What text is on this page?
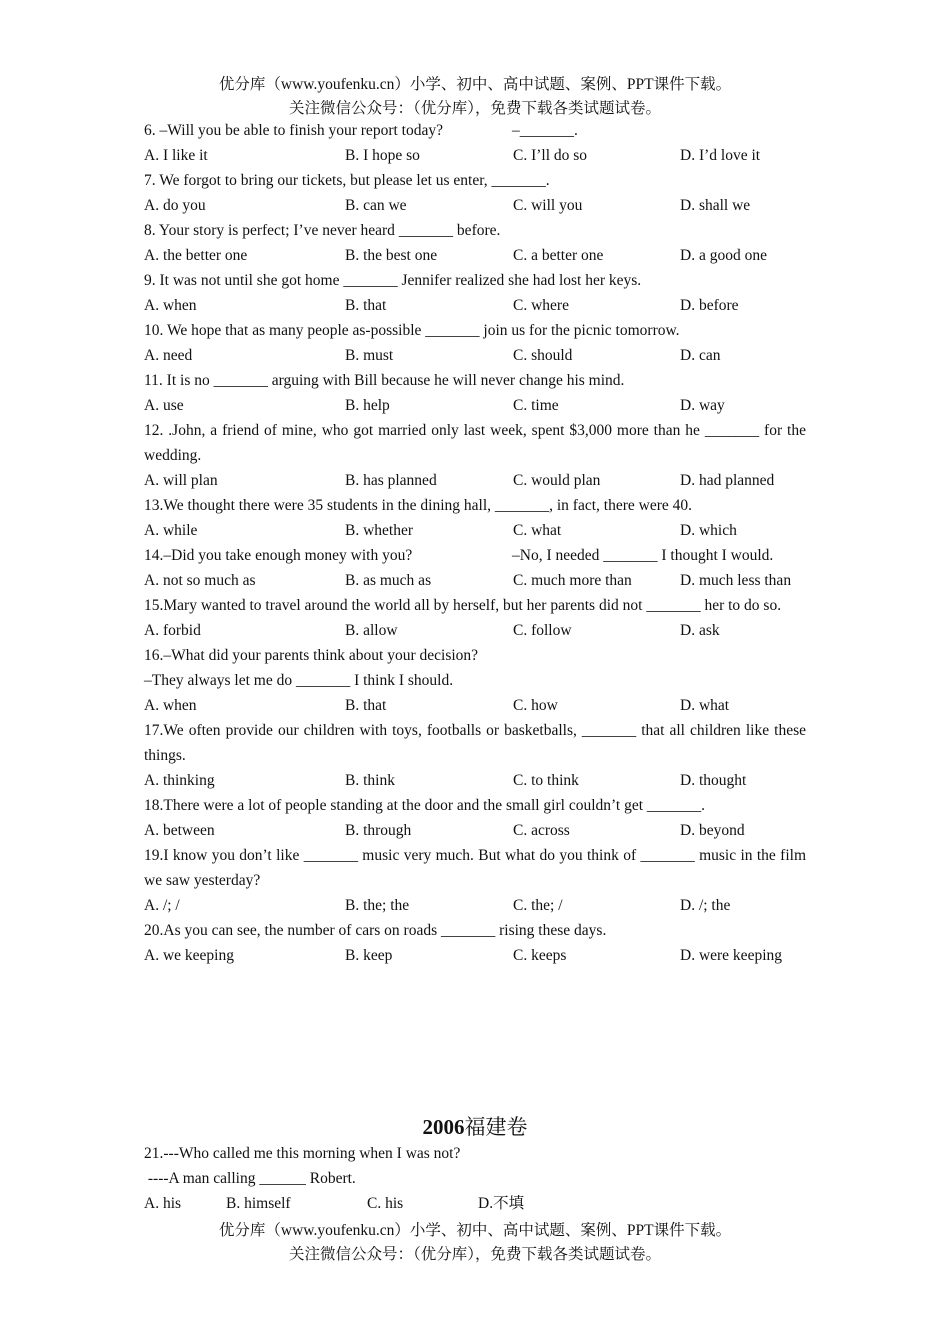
优分库（www.youfenku.cn）小学、初中、高中试题、案例、PPT课件下载。
关注微信公众号：（优分库），免费下载各类试题试卷。
6. –Will you be able to finish your report today?	–_______.
A. I like it	B. I hope so	C. I’ll do so	D. I’d love it
7. We forgot to bring our tickets, but please let us enter, _______.
A. do you	B. can we	C. will you	D. shall we
8. Your story is perfect; I’ve never heard _______ before.
A. the better one	B. the best one	C. a better one	D. a good one
9. It was not until she got home _______ Jennifer realized she had lost her keys.
A. when	B. that	C. where	D. before
10. We hope that as many people as-possible _______ join us for the picnic tomorrow.
A. need	B. must	C. should	D. can
11. It is no _______ arguing with Bill because he will never change his mind.
A. use	B. help	C. time	D. way
12. .John, a friend of mine, who got married only last week, spent $3,000 more than he _______ for the wedding.
A. will plan	B. has planned	C. would plan	D. had planned
13.We thought there were 35 students in the dining hall, _______, in fact, there were 40.
A. while	B. whether	C. what	D. which
14.–Did you take enough money with you?	–No, I needed _______ I thought I would.
A. not so much as	B. as much as	C. much more than	D. much less than
15.Mary wanted to travel around the world all by herself, but her parents did not _______ her to do so.
A. forbid	B. allow	C. follow	D. ask
16.–What did your parents think about your decision?
–They always let me do _______ I think I should.
A. when	B. that	C. how	D. what
17.We often provide our children with toys, footballs or basketballs, _______ that all children like these things.
A. thinking	B. think	C. to think	D. thought
18.There were a lot of people standing at the door and the small girl couldn’t get _______.
A. between	B. through	C. across	D. beyond
19.I know you don’t like _______ music very much. But what do you think of _______ music in the film we saw yesterday?
A. /; /	B. the; the	C. the; /	D. /; the
20.As you can see, the number of cars on roads _______ rising these days.
A. we keeping	B. keep	C. keeps	D. were keeping
2006福建卷
21.---Who called me this morning when I was not?
----A man calling ______ Robert.
A. his	B. himself	C. his	D.不填
优分库（www.youfenku.cn）小学、初中、高中试题、案例、PPT课件下载。
关注微信公众号：（优分库），免费下载各类试题试卷。
